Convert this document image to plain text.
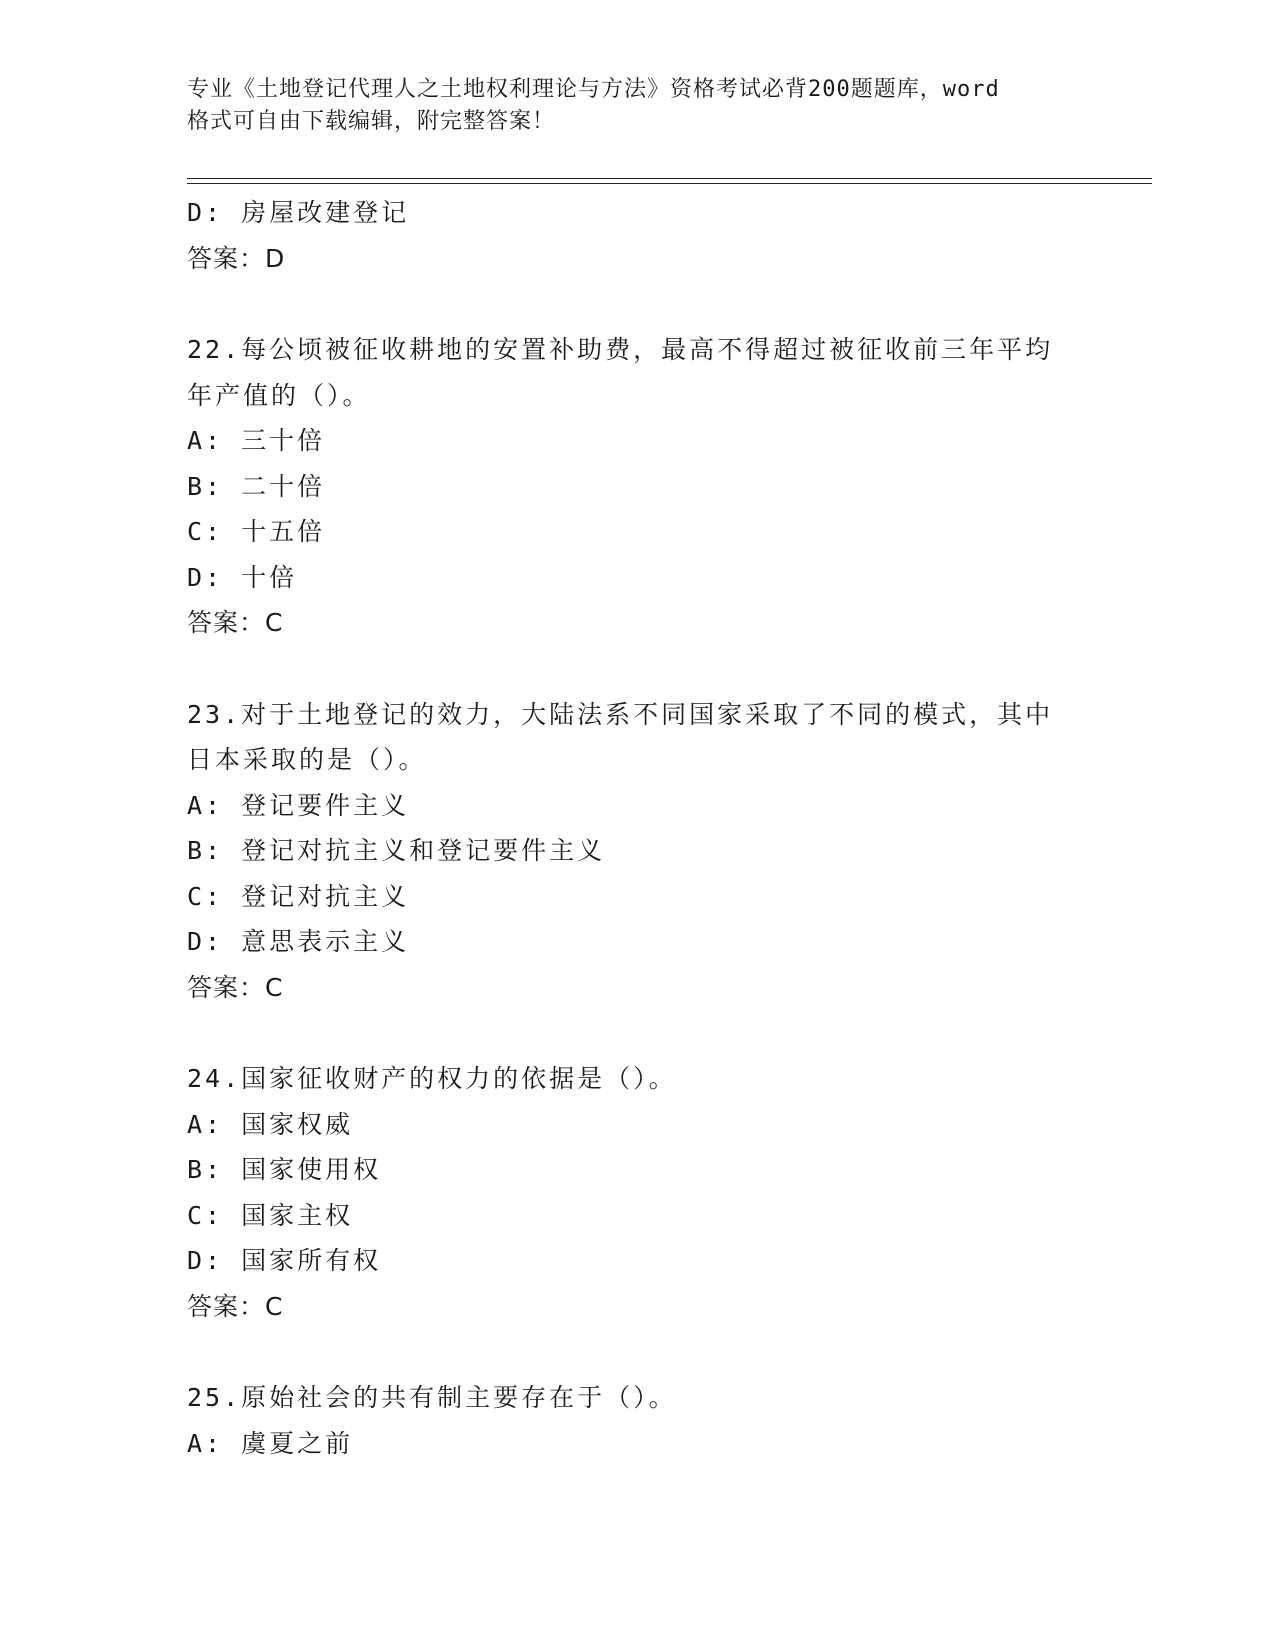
专业《土地登记代理人之土地权利理论与方法》资格考试必背200题题库，word
格式可自由下载编辑，附完整答案！
D: 房屋改建登记
答案：D
22.每公顷被征收耕地的安置补助费，最高不得超过被征收前三年平均
年产值的（）。
A: 三十倍
B: 二十倍
C: 十五倍
D: 十倍
答案：C
23.对于土地登记的效力，大陆法系不同国家采取了不同的模式，其中
日本采取的是（）。
A: 登记要件主义
B: 登记对抗主义和登记要件主义
C: 登记对抗主义
D: 意思表示主义
答案：C
24.国家征收财产的权力的依据是（）。
A: 国家权威
B: 国家使用权
C: 国家主权
D: 国家所有权
答案：C
25.原始社会的共有制主要存在于（）。
A: 虞夏之前
